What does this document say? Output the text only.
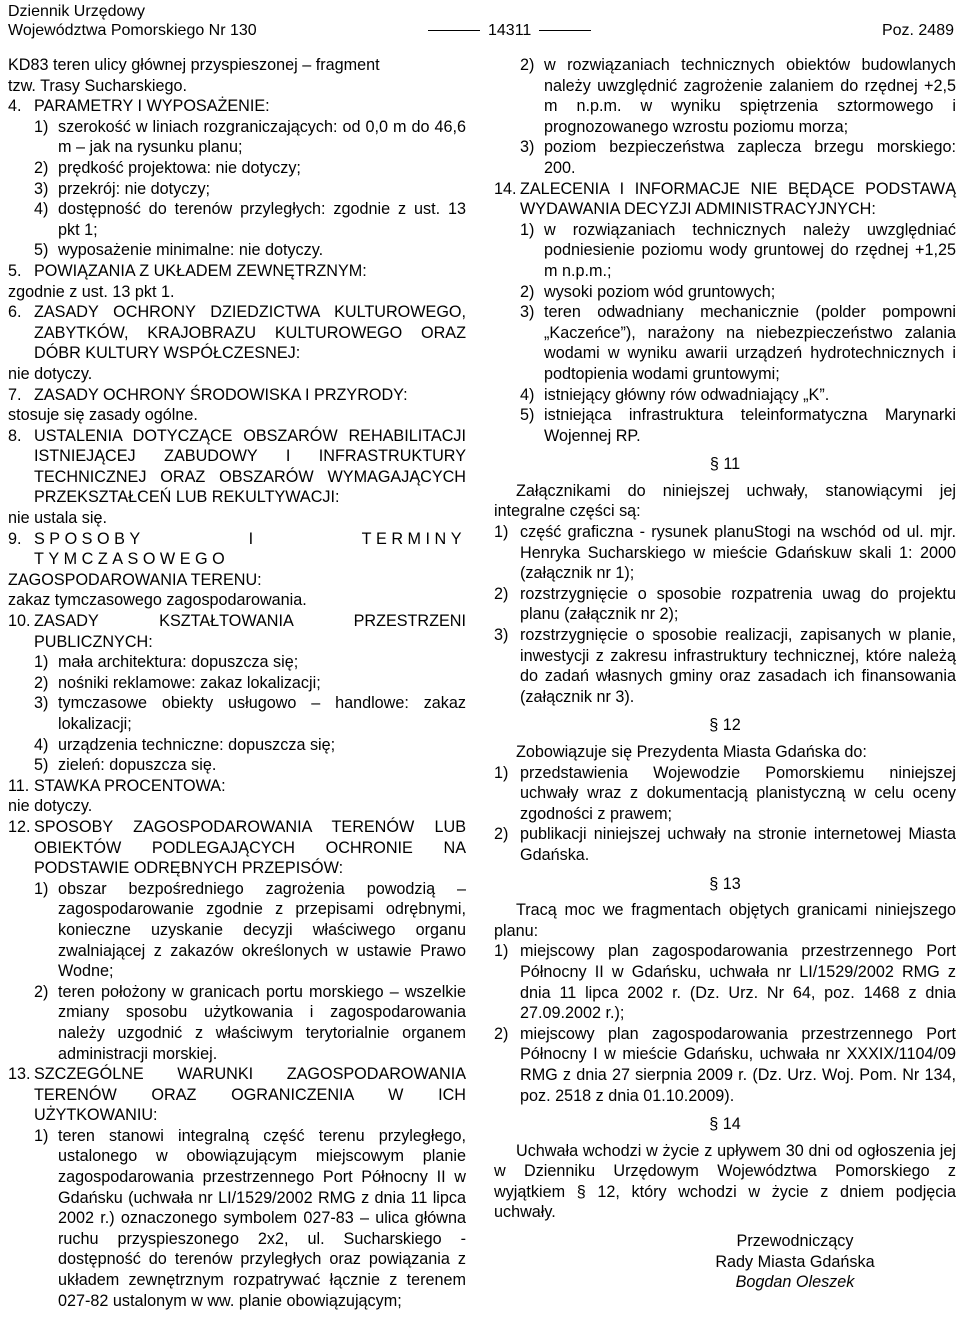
Dziennik Urzędowy
Województwa Pomorskiego Nr 130	14311	Poz. 2489

KD83 teren ulicy głównej przyspieszonej – fragment

tzw. Trasy Sucharskiego.

4. PARAMETRY I WYPOSAŻENIE:
1) szerokość w liniach rozgraniczających: od 0,0 m do 46,6 m – jak na rysunku planu;
2) prędkość projektowa: nie dotyczy;
3) przekrój: nie dotyczy;
4) dostępność do terenów przyległych: zgodnie z ust. 13 pkt 1;
5) wyposażenie minimalne: nie dotyczy.
5. POWIĄZANIA Z UKŁADEM ZEWNĘTRZNYM:

zgodnie z ust. 13 pkt 1.

6. ZASADY OCHRONY DZIEDZICTWA KULTUROWEGO, ZABYTKÓW, KRAJOBRAZU KULTUROWEGO ORAZ DÓBR KULTURY WSPÓŁCZESNEJ:

nie dotyczy.

7. ZASADY OCHRONY ŚRODOWISKA I PRZYRODY:

stosuje się zasady ogólne.

8. USTALENIA DOTYCZĄCE OBSZARÓW REHABILITACJI ISTNIEJĄCEJ ZABUDOWY I INFRASTRUKTURY TECHNICZNEJ ORAZ OBSZARÓW WYMAGAJĄCYCH PRZEKSZTAŁCEŃ LUB REKULTYWACJI:

nie ustala się.

9. SPOSOBY I TERMINY TYMCZASOWEGO

ZAGOSPODAROWANIA TERENU:

zakaz tymczasowego zagospodarowania.

10. ZASADY KSZTAŁTOWANIA PRZESTRZENI PUBLICZNYCH:
1) mała architektura: dopuszcza się;
2) nośniki reklamowe: zakaz lokalizacji;
3) tymczasowe obiekty usługowo – handlowe: zakaz lokalizacji;
4) urządzenia techniczne: dopuszcza się;
5) zieleń: dopuszcza się.
11. STAWKA PROCENTOWA:

nie dotyczy.

12. SPOSOBY ZAGOSPODAROWANIA TERENÓW LUB OBIEKTÓW PODLEGAJĄCYCH OCHRONIE NA PODSTAWIE ODRĘBNYCH PRZEPISÓW:
1) obszar bezpośredniego zagrożenia powodzią – zagospodarowanie zgodnie z przepisami odrębnymi, konieczne uzyskanie decyzji właściwego organu zwalniającej z zakazów określonych w ustawie Prawo Wodne;
2) teren położony w granicach portu morskiego – wszelkie zmiany sposobu użytkowania i zagospodarowania należy uzgodnić z właściwym terytorialnie organem administracji morskiej.
13. SZCZEGÓLNE WARUNKI ZAGOSPODAROWANIA TERENÓW ORAZ OGRANICZENIA W ICH UŻYTKOWANIU:
1) teren stanowi integralną część terenu przyległego, ustalonego w obowiązującym miejscowym planie zagospodarowania przestrzennego Port Północny II w Gdańsku (uchwała nr LI/1529/2002 RMG z dnia 11 lipca 2002 r.) oznaczonego symbolem 027-83 – ulica główna ruchu przyspieszonego 2x2, ul. Sucharskiego - dostępność do terenów przyległych oraz powiązania z układem zewnętrznym rozpatrywać łącznie z terenem 027-82 ustalonym w ww. planie obowiązującym;
2) w rozwiązaniach technicznych obiektów budowlanych należy uwzględnić zagrożenie zalaniem do rzędnej +2,5 m n.p.m. w wyniku spiętrzenia sztormowego i prognozowanego wzrostu poziomu morza;
3) poziom bezpieczeństwa zaplecza brzegu morskiego: 200.
14. ZALECENIA I INFORMACJE NIE BĘDĄCE PODSTAWĄ WYDAWANIA DECYZJI ADMINISTRACYJNYCH:
1) w rozwiązaniach technicznych należy uwzględniać podniesienie poziomu wody gruntowej do rzędnej +1,25 m n.p.m.;
2) wysoki poziom wód gruntowych;
3) teren odwadniany mechanicznie (polder pompowni „Kaczeńce”), narażony na niebezpieczeństwo zalania wodami w wyniku awarii urządzeń hydrotechnicznych i podtopienia wodami gruntowymi;
4) istniejący główny rów odwadniający „K”.
5) istniejąca infrastruktura teleinformatyczna Marynarki Wojennej RP.

§ 11

Załącznikami do niniejszej uchwały, stanowiącymi jej integralne części są:

1) część graficzna - rysunek planuStogi na wschód od ul. mjr. Henryka Sucharskiego w mieście Gdańskuw skali 1: 2000 (załącznik nr 1);
2) rozstrzygnięcie o sposobie rozpatrenia uwag do projektu planu (załącznik nr 2);
3) rozstrzygnięcie o sposobie realizacji, zapisanych w planie, inwestycji z zakresu infrastruktury technicznej, które należą do zadań własnych gminy oraz zasadach ich finansowania (załącznik nr 3).

§ 12

Zobowiązuje się Prezydenta Miasta Gdańska do:

1) przedstawienia Wojewodzie Pomorskiemu niniejszej uchwały wraz z dokumentacją planistyczną w celu oceny zgodności z prawem;
2) publikacji niniejszej uchwały na stronie internetowej Miasta Gdańska.

§ 13

Tracą moc we fragmentach objętych granicami niniejszego planu:

1) miejscowy plan zagospodarowania przestrzennego Port Północny II w Gdańsku, uchwała nr LI/1529/2002 RMG z dnia 11 lipca 2002 r. (Dz. Urz. Nr 64, poz. 1468 z dnia 27.09.2002 r.);
2) miejscowy plan zagospodarowania przestrzennego Port Północny I w mieście Gdańsku, uchwała nr XXXIX/1104/09 RMG z dnia 27 sierpnia 2009 r. (Dz. Urz. Woj. Pom. Nr 134, poz. 2518 z dnia 01.10.2009).

§ 14

Uchwała wchodzi w życie z upływem 30 dni od ogłoszenia jej w Dzienniku Urzędowym Województwa Pomorskiego z wyjątkiem § 12, który wchodzi w życie z dniem podjęcia uchwały.

Przewodniczący
Rady Miasta Gdańska
Bogdan Oleszek
